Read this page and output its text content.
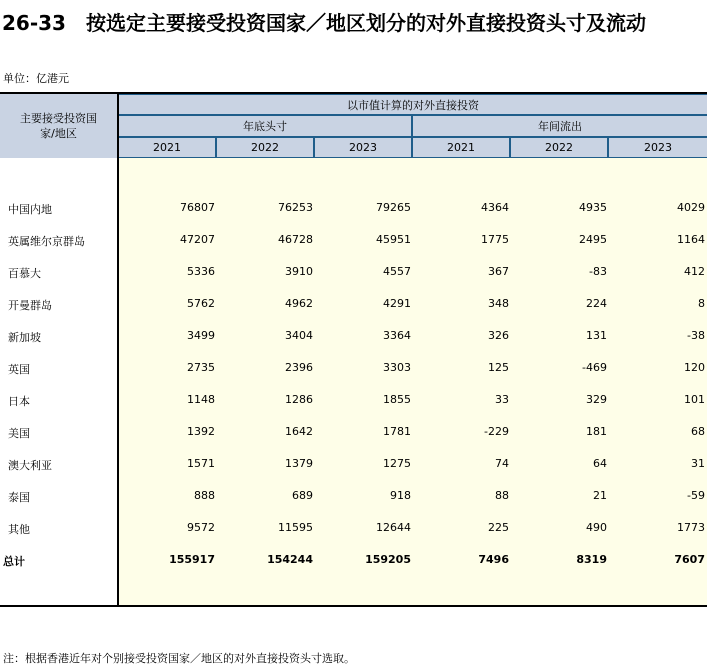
26-33　按选定主要接受投资国家／地区划分的对外直接投资头寸及流动
单位：亿港元
主要接受投资国家/地区
以市值计算的对外直接投资
年底头寸	年间流出
2021	2022	2023	2021	2022	2023
中国内地	76807	76253	79265	4364	4935	4029
英属维尔京群岛	47207	46728	45951	1775	2495	1164
百慕大	5336	3910	4557	367	-83	412
开曼群岛	5762	4962	4291	348	224	8
新加坡	3499	3404	3364	326	131	-38
英国	2735	2396	3303	125	-469	120
日本	1148	1286	1855	33	329	101
美国	1392	1642	1781	-229	181	68
澳大利亚	1571	1379	1275	74	64	31
泰国	888	689	918	88	21	-59
其他	9572	11595	12644	225	490	1773
总计	155917	154244	159205	7496	8319	7607
注：根据香港近年对个别接受投资国家／地区的对外直接投资头寸选取。
